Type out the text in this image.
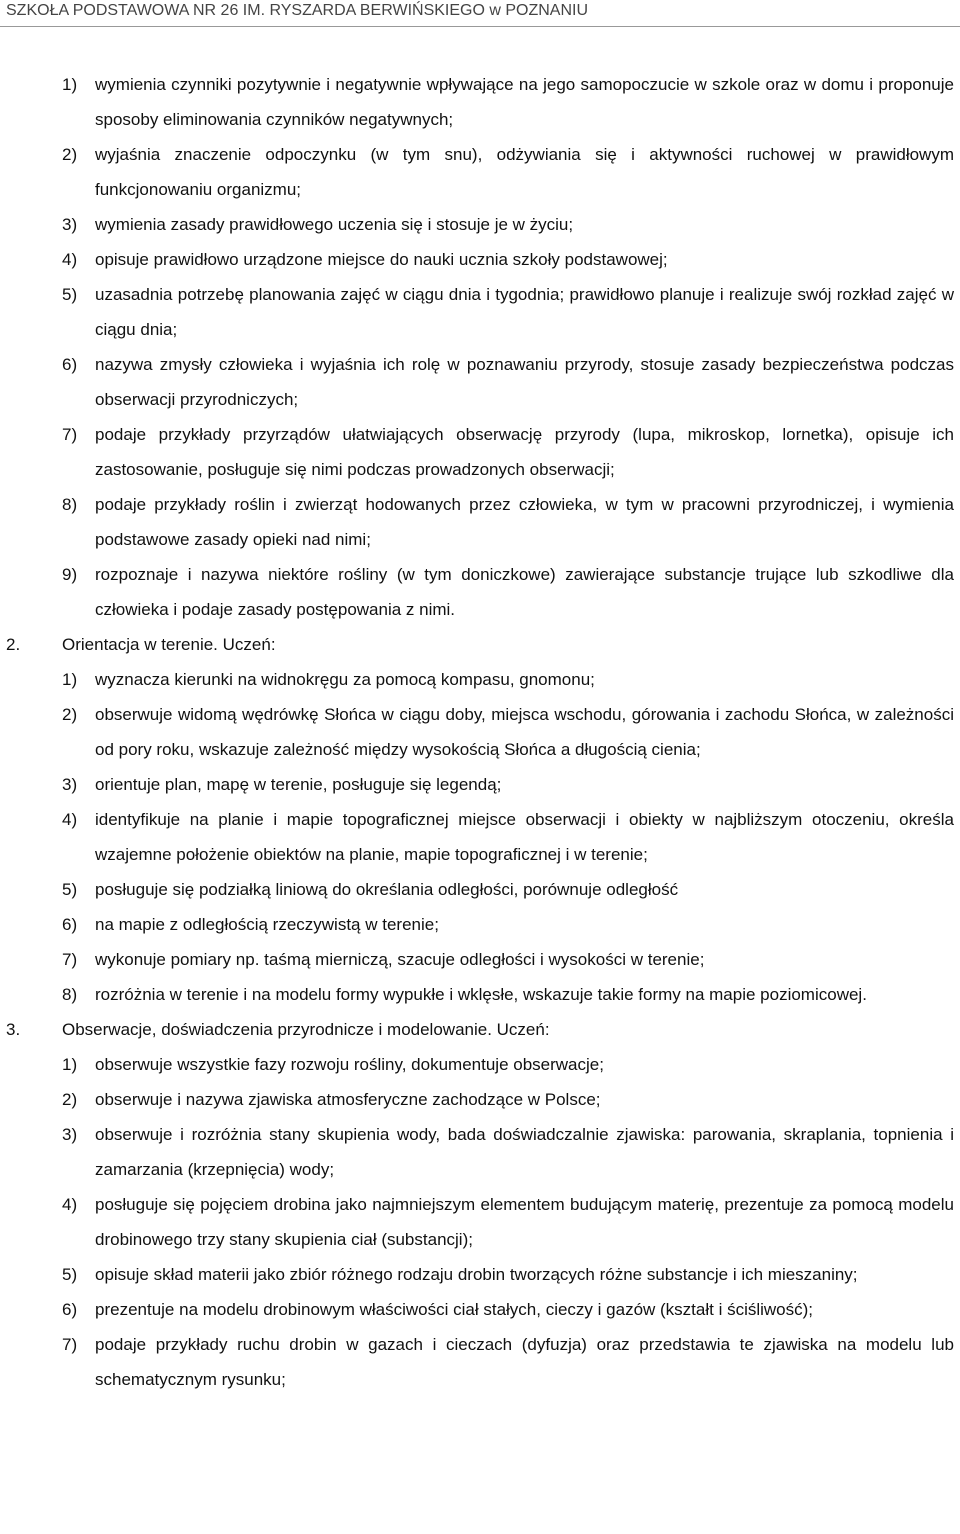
SZKOŁA PODSTAWOWA NR 26 IM. RYSZARDA BERWIŃSKIEGO w POZNANIU
1) wymienia czynniki pozytywnie i negatywnie wpływające na jego samopoczucie w szkole oraz w domu i proponuje sposoby eliminowania czynników negatywnych;
2) wyjaśnia znaczenie odpoczynku (w tym snu), odżywiania się i aktywności ruchowej w prawidłowym funkcjonowaniu organizmu;
3) wymienia zasady prawidłowego uczenia się i stosuje je w życiu;
4) opisuje prawidłowo urządzone miejsce do nauki ucznia szkoły podstawowej;
5) uzasadnia potrzebę planowania zajęć w ciągu dnia i tygodnia; prawidłowo planuje i realizuje swój rozkład zajęć w ciągu dnia;
6) nazywa zmysły człowieka i wyjaśnia ich rolę w poznawaniu przyrody, stosuje zasady bezpieczeństwa podczas obserwacji przyrodniczych;
7) podaje przykłady przyrządów ułatwiających obserwację przyrody (lupa, mikroskop, lornetka), opisuje ich zastosowanie, posługuje się nimi podczas prowadzonych obserwacji;
8) podaje przykłady roślin i zwierząt hodowanych przez człowieka, w tym w pracowni przyrodniczej, i wymienia podstawowe zasady opieki nad nimi;
9) rozpoznaje i nazywa niektóre rośliny (w tym doniczkowe) zawierające substancje trujące lub szkodliwe dla człowieka i podaje zasady postępowania z nimi.
2. Orientacja w terenie. Uczeń:
1) wyznacza kierunki na widnokręgu za pomocą kompasu, gnomonu;
2) obserwuje widomą wędrówkę Słońca w ciągu doby, miejsca wschodu, górowania i zachodu Słońca, w zależności od pory roku, wskazuje zależność między wysokością Słońca a długością cienia;
3) orientuje plan, mapę w terenie, posługuje się legendą;
4) identyfikuje na planie i mapie topograficznej miejsce obserwacji i obiekty w najbliższym otoczeniu, określa wzajemne położenie obiektów na planie, mapie topograficznej i w terenie;
5) posługuje się podziałką liniową do określania odległości, porównuje odległość
6) na mapie z odległością rzeczywistą w terenie;
7) wykonuje pomiary np. taśmą mierniczą, szacuje odległości i wysokości w terenie;
8) rozróżnia w terenie i na modelu formy wypukłe i wklęsłe, wskazuje takie formy na mapie poziomicowej.
3. Obserwacje, doświadczenia przyrodnicze i modelowanie. Uczeń:
1) obserwuje wszystkie fazy rozwoju rośliny, dokumentuje obserwacje;
2) obserwuje i nazywa zjawiska atmosferyczne zachodzące w Polsce;
3) obserwuje i rozróżnia stany skupienia wody, bada doświadczalnie zjawiska: parowania, skraplania, topnienia i zamarzania (krzepnięcia) wody;
4) posługuje się pojęciem drobina jako najmniejszym elementem budującym materię, prezentuje za pomocą modelu drobinowego trzy stany skupienia ciał (substancji);
5) opisuje skład materii jako zbiór różnego rodzaju drobin tworzących różne substancje i ich mieszaniny;
6) prezentuje na modelu drobinowym właściwości ciał stałych, cieczy i gazów (kształt i ściśliwość);
7) podaje przykłady ruchu drobin w gazach i cieczach (dyfuzja) oraz przedstawia te zjawiska na modelu lub schematycznym rysunku;
